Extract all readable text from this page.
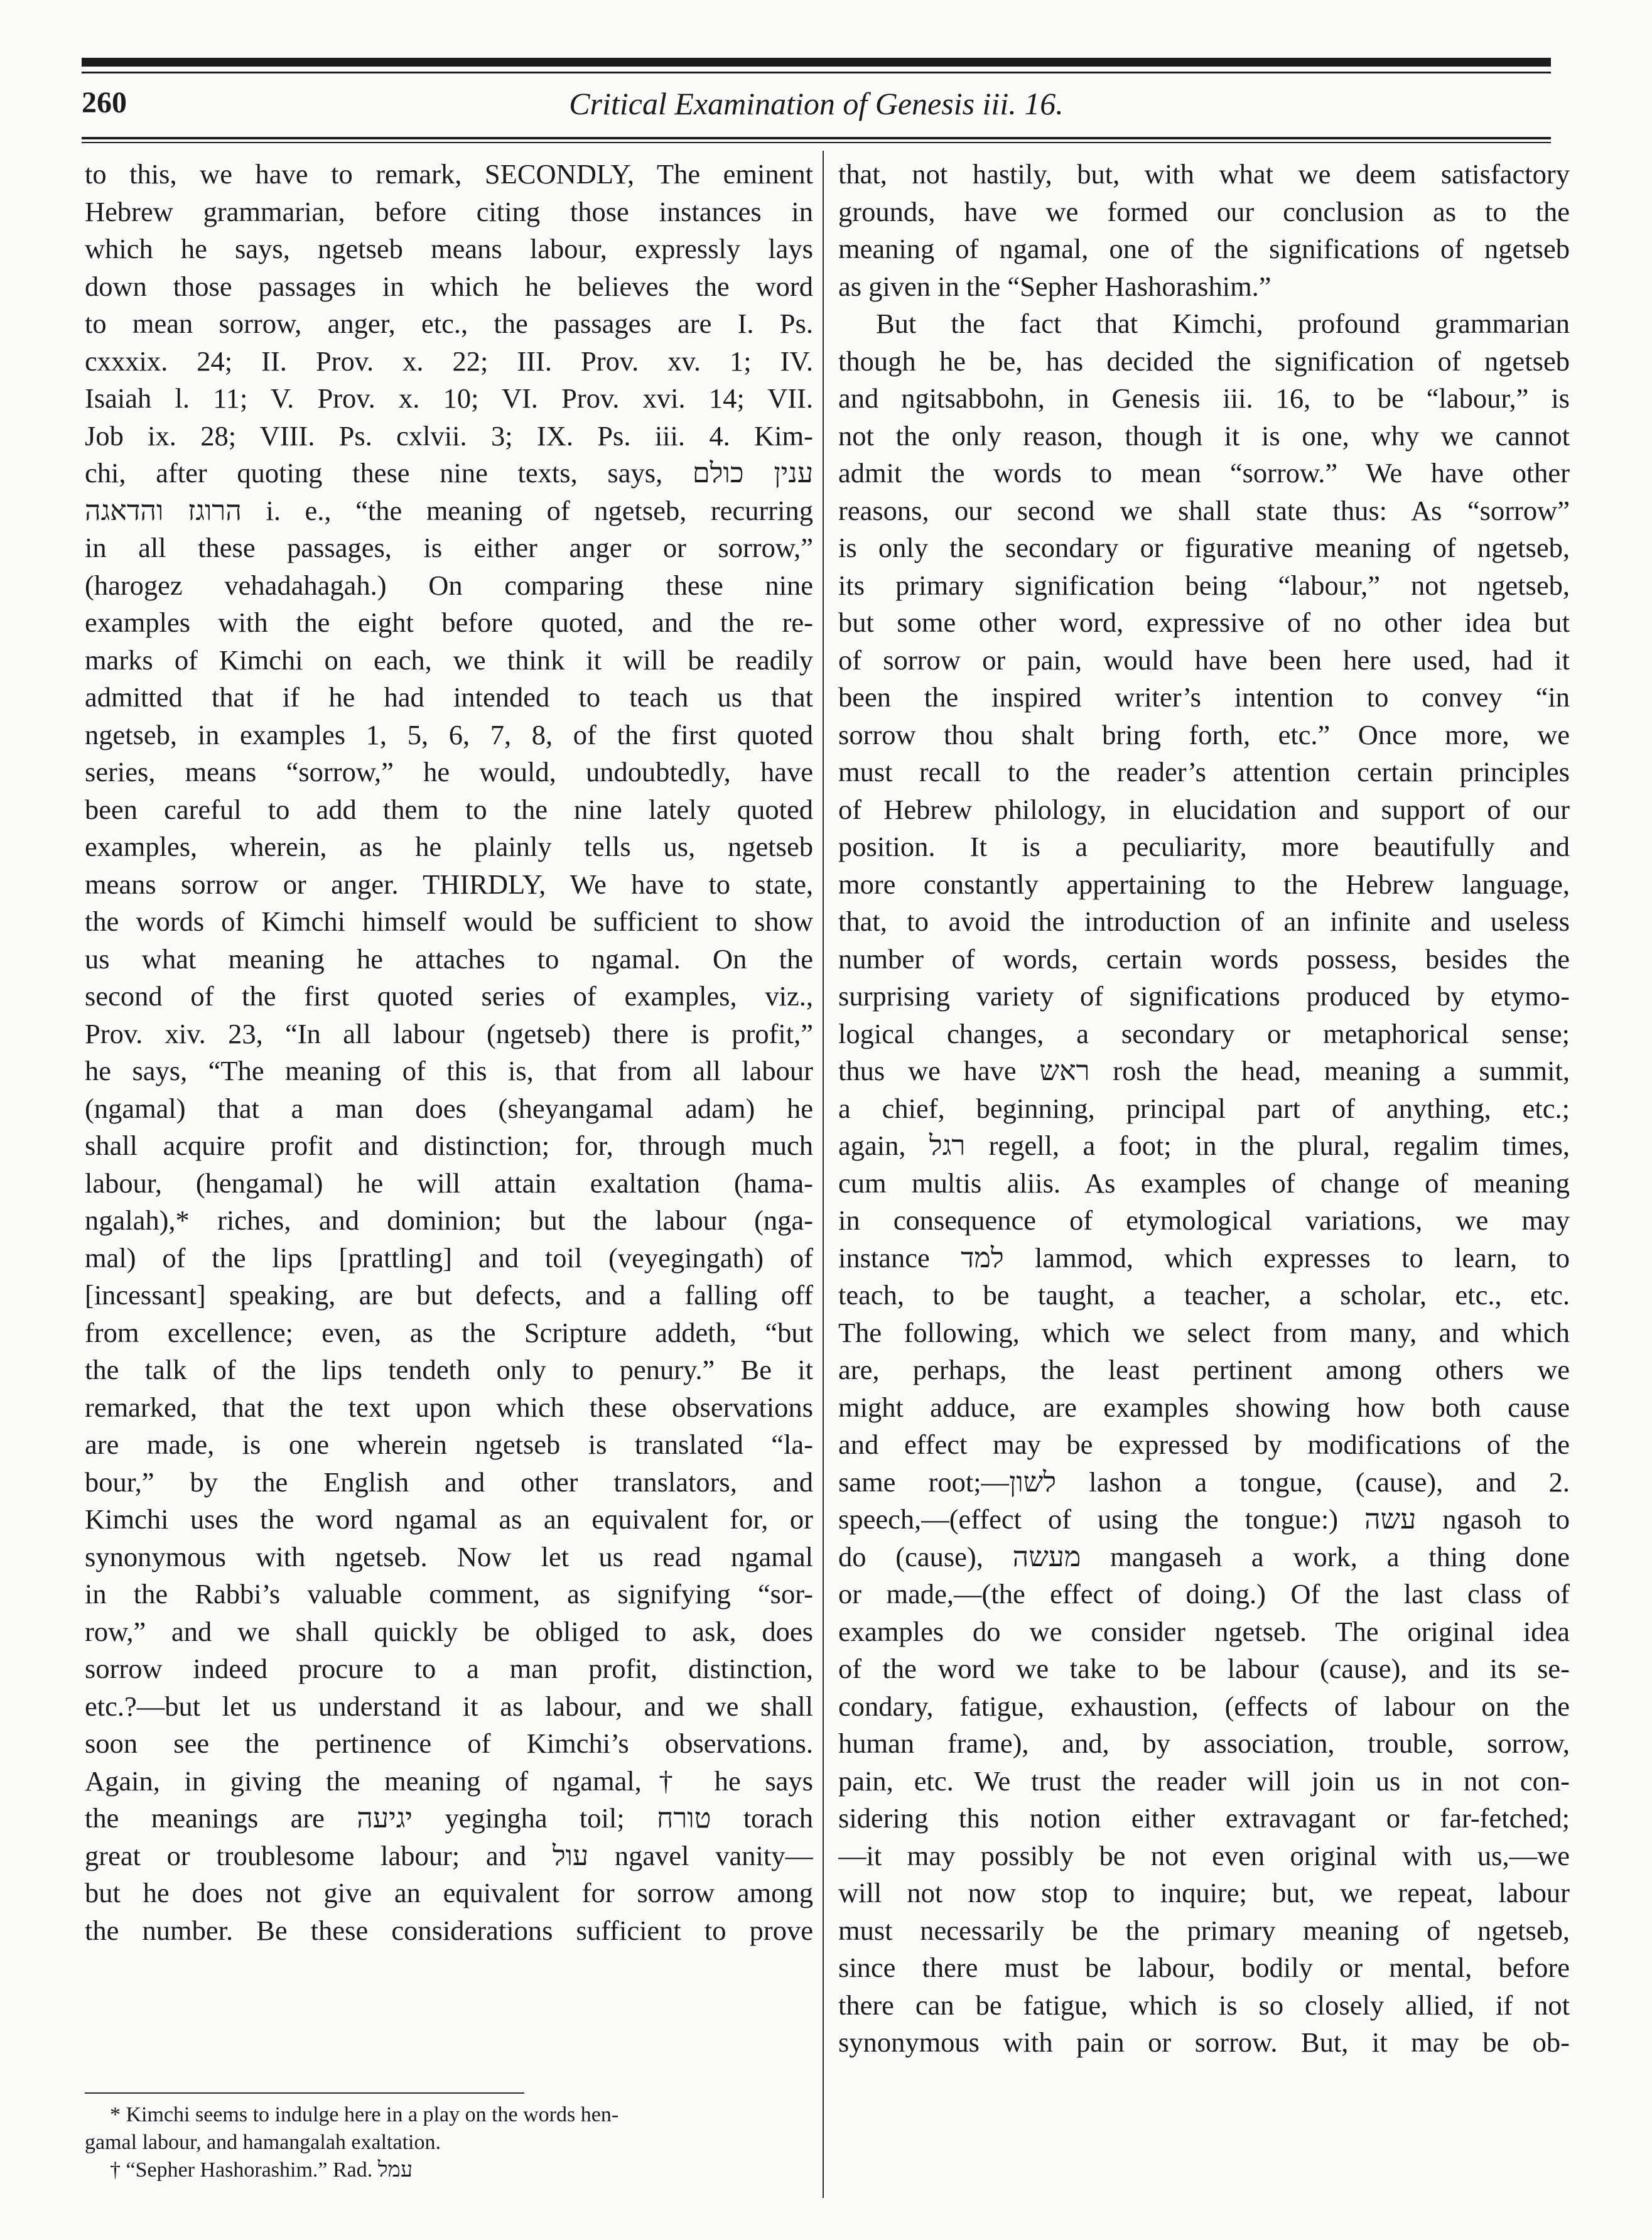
260	Critical Examination of Genesis iii. 16.
to this, we have to remark, SECONDLY, The eminent
Hebrew grammarian, before citing those instances in
which he says, ngetseb means labour, expressly lays
down those passages in which he believes the word
to mean sorrow, anger, etc., the passages are I. Ps.
cxxxix. 24; II. Prov. x. 22; III. Prov. xv. 1; IV.
Isaiah l. 11; V. Prov. x. 10; VI. Prov. xvi. 14; VII.
Job ix. 28; VIII. Ps. cxlvii. 3; IX. Ps. iii. 4. Kim-
chi, after quoting these nine texts, says, ענין כולם
הרוגז והדאגה i. e., “the meaning of ngetseb, recurring
in all these passages, is either anger or sorrow,”
(harogez vehadahagah.) On comparing these nine
examples with the eight before quoted, and the re-
marks of Kimchi on each, we think it will be readily
admitted that if he had intended to teach us that
ngetseb, in examples 1, 5, 6, 7, 8, of the first quoted
series, means “sorrow,” he would, undoubtedly, have
been careful to add them to the nine lately quoted
examples, wherein, as he plainly tells us, ngetseb
means sorrow or anger. THIRDLY, We have to state,
the words of Kimchi himself would be sufficient to show
us what meaning he attaches to ngamal. On the
second of the first quoted series of examples, viz.,
Prov. xiv. 23, “In all labour (ngetseb) there is profit,”
he says, “The meaning of this is, that from all labour
(ngamal) that a man does (sheyangamal adam) he
shall acquire profit and distinction; for, through much
labour, (hengamal) he will attain exaltation (hama-
ngalah),* riches, and dominion; but the labour (nga-
mal) of the lips [prattling] and toil (veyegingath) of
[incessant] speaking, are but defects, and a falling off
from excellence; even, as the Scripture addeth, “but
the talk of the lips tendeth only to penury.” Be it
remarked, that the text upon which these observations
are made, is one wherein ngetseb is translated “la-
bour,” by the English and other translators, and
Kimchi uses the word ngamal as an equivalent for, or
synonymous with ngetseb. Now let us read ngamal
in the Rabbi’s valuable comment, as signifying “sor-
row,” and we shall quickly be obliged to ask, does
sorrow indeed procure to a man profit, distinction,
etc.?—but let us understand it as labour, and we shall
soon see the pertinence of Kimchi’s observations.
Again, in giving the meaning of ngamal,† he says
the meanings are יגיעה yegingha toil; טורח torach
great or troublesome labour; and עול ngavel vanity—
but he does not give an equivalent for sorrow among
the number. Be these considerations sufficient to prove
that, not hastily, but, with what we deem satisfactory
grounds, have we formed our conclusion as to the
meaning of ngamal, one of the significations of ngetseb
as given in the “Sepher Hashorashim.”
But the fact that Kimchi, profound grammarian
though he be, has decided the signification of ngetseb
and ngitsabbohn, in Genesis iii. 16, to be “labour,” is
not the only reason, though it is one, why we cannot
admit the words to mean “sorrow.” We have other
reasons, our second we shall state thus: As “sorrow”
is only the secondary or figurative meaning of ngetseb,
its primary signification being “labour,” not ngetseb,
but some other word, expressive of no other idea but
of sorrow or pain, would have been here used, had it
been the inspired writer’s intention to convey “in
sorrow thou shalt bring forth, etc.” Once more, we
must recall to the reader’s attention certain principles
of Hebrew philology, in elucidation and support of our
position. It is a peculiarity, more beautifully and
more constantly appertaining to the Hebrew language,
that, to avoid the introduction of an infinite and useless
number of words, certain words possess, besides the
surprising variety of significations produced by etymo-
logical changes, a secondary or metaphorical sense;
thus we have ראש rosh the head, meaning a summit,
a chief, beginning, principal part of anything, etc.;
again, רגל regell, a foot; in the plural, regalim times,
cum multis aliis. As examples of change of meaning
in consequence of etymological variations, we may
instance למד lammod, which expresses to learn, to
teach, to be taught, a teacher, a scholar, etc., etc.
The following, which we select from many, and which
are, perhaps, the least pertinent among others we
might adduce, are examples showing how both cause
and effect may be expressed by modifications of the
same root;—לשון lashon a tongue, (cause), and 2.
speech,—(effect of using the tongue:) עשה ngasoh to
do (cause), מעשה mangaseh a work, a thing done
or made,—(the effect of doing.) Of the last class of
examples do we consider ngetseb. The original idea
of the word we take to be labour (cause), and its se-
condary, fatigue, exhaustion, (effects of labour on the
human frame), and, by association, trouble, sorrow,
pain, etc. We trust the reader will join us in not con-
sidering this notion either extravagant or far-fetched;
—it may possibly be not even original with us,—we
will not now stop to inquire; but, we repeat, labour
must necessarily be the primary meaning of ngetseb,
since there must be labour, bodily or mental, before
there can be fatigue, which is so closely allied, if not
synonymous with pain or sorrow. But, it may be ob-
* Kimchi seems to indulge here in a play on the words hen-
gamal labour, and hamangalah exaltation.
† “Sepher Hashorashim.” Rad. עמל
